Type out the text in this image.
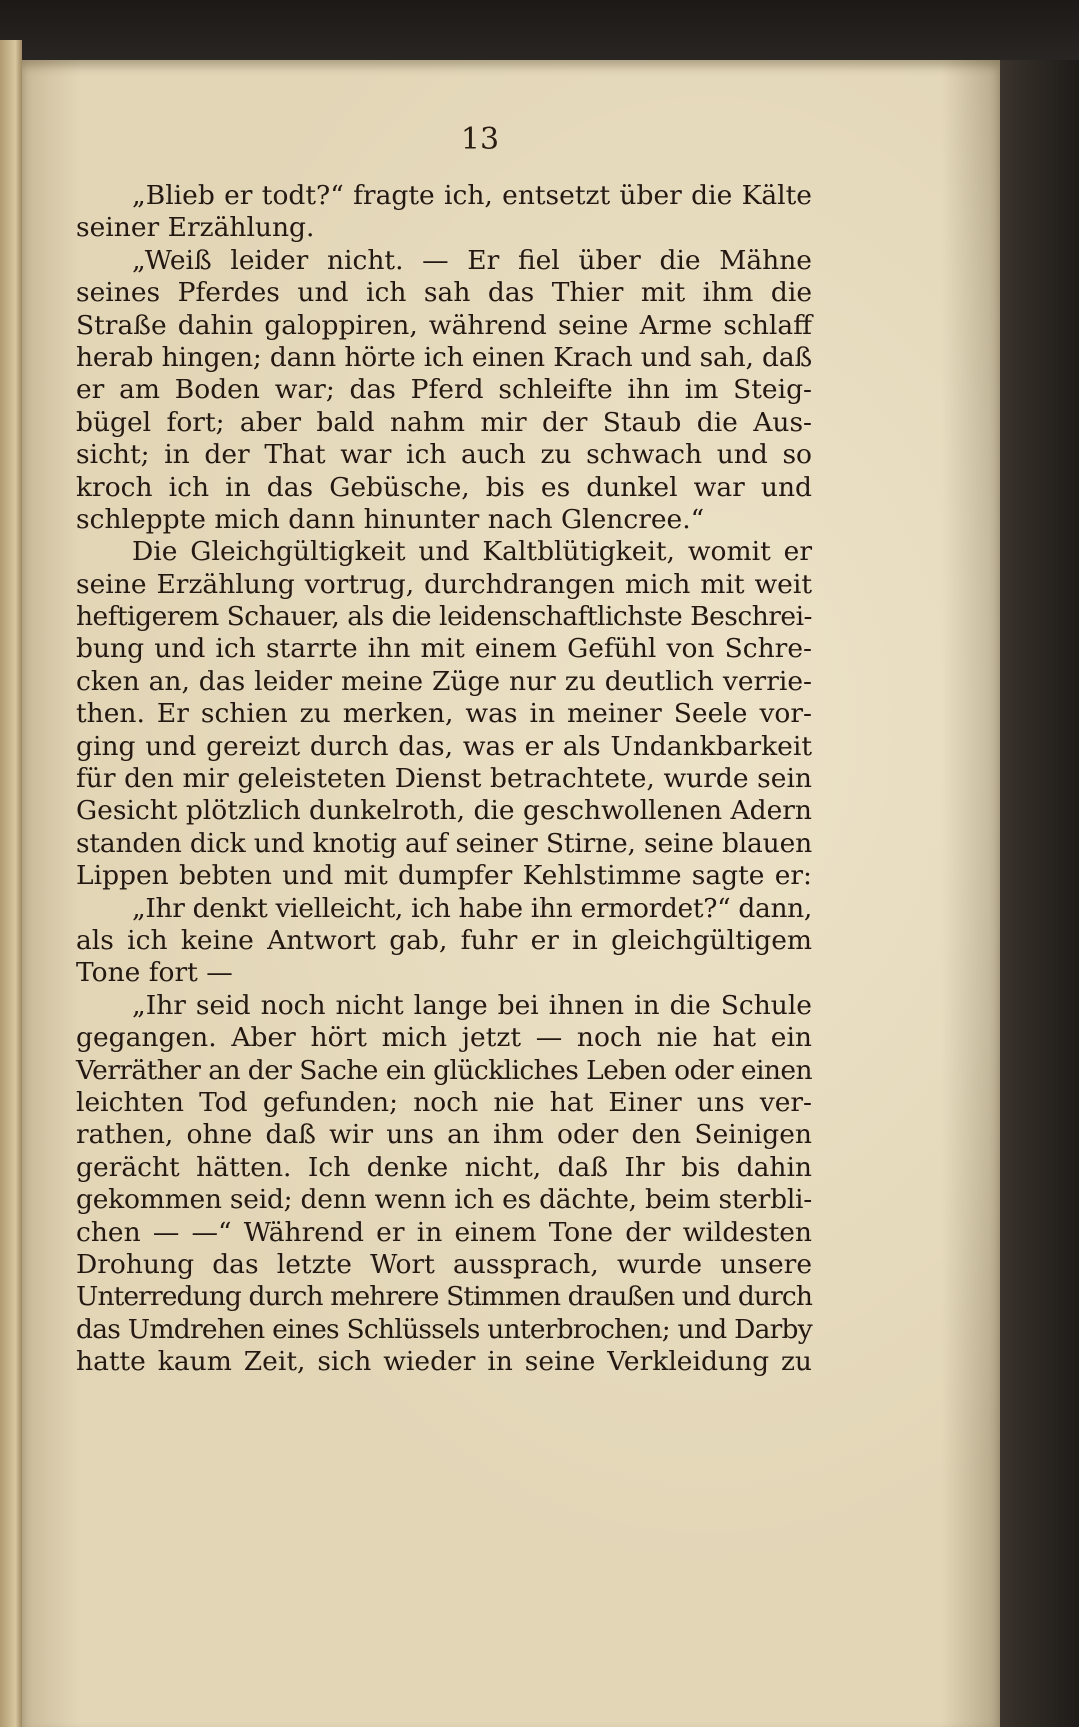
13
„Blieb er todt?“ fragte ich, entsetzt über die Kälte
seiner Erzählung.
„Weiß leider nicht. — Er fiel über die Mähne
seines Pferdes und ich sah das Thier mit ihm die
Straße dahin galoppiren, während seine Arme schlaff
herab hingen; dann hörte ich einen Krach und sah, daß
er am Boden war; das Pferd schleifte ihn im Steig-
bügel fort; aber bald nahm mir der Staub die Aus-
sicht; in der That war ich auch zu schwach und so
kroch ich in das Gebüsche, bis es dunkel war und
schleppte mich dann hinunter nach Glencree.“
Die Gleichgültigkeit und Kaltblütigkeit, womit er
seine Erzählung vortrug, durchdrangen mich mit weit
heftigerem Schauer, als die leidenschaftlichste Beschrei-
bung und ich starrte ihn mit einem Gefühl von Schre-
cken an, das leider meine Züge nur zu deutlich verrie-
then. Er schien zu merken, was in meiner Seele vor-
ging und gereizt durch das, was er als Undankbarkeit
für den mir geleisteten Dienst betrachtete, wurde sein
Gesicht plötzlich dunkelroth, die geschwollenen Adern
standen dick und knotig auf seiner Stirne, seine blauen
Lippen bebten und mit dumpfer Kehlstimme sagte er:
„Ihr denkt vielleicht, ich habe ihn ermordet?“ dann,
als ich keine Antwort gab, fuhr er in gleichgültigem
Tone fort —
„Ihr seid noch nicht lange bei ihnen in die Schule
gegangen. Aber hört mich jetzt — noch nie hat ein
Verräther an der Sache ein glückliches Leben oder einen
leichten Tod gefunden; noch nie hat Einer uns ver-
rathen, ohne daß wir uns an ihm oder den Seinigen
gerächt hätten. Ich denke nicht, daß Ihr bis dahin
gekommen seid; denn wenn ich es dächte, beim sterbli-
chen — —“ Während er in einem Tone der wildesten
Drohung das letzte Wort aussprach, wurde unsere
Unterredung durch mehrere Stimmen draußen und durch
das Umdrehen eines Schlüssels unterbrochen; und Darby
hatte kaum Zeit, sich wieder in seine Verkleidung zu
